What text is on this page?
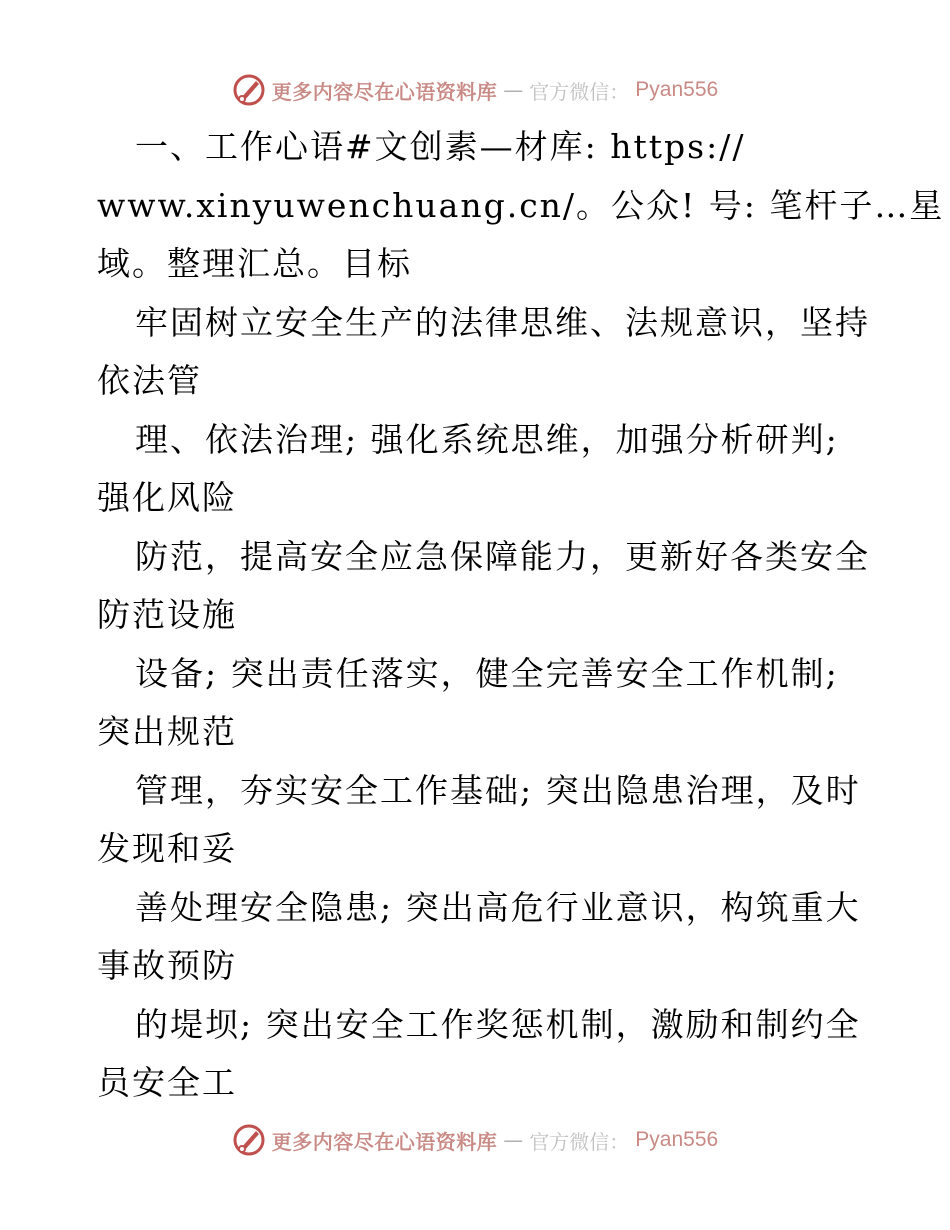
更多内容尽在心语资料库 — 官方微信： Pyan556
一、工作心语#文创素—材库: https://
www.xinyuwenchuang.cn/。公众! 号: 笔杆子…星
域。整理汇总。目标
牢固树立安全生产的法律思维、法规意识，坚持
依法管
理、依法治理; 强化系统思维，加强分析研判;
强化风险
防范，提高安全应急保障能力，更新好各类安全
防范设施
设备; 突出责任落实，健全完善安全工作机制;
突出规范
管理，夯实安全工作基础; 突出隐患治理，及时
发现和妥
善处理安全隐患; 突出高危行业意识，构筑重大
事故预防
的堤坝; 突出安全工作奖惩机制，激励和制约全
员安全工
更多内容尽在心语资料库 — 官方微信： Pyan556
